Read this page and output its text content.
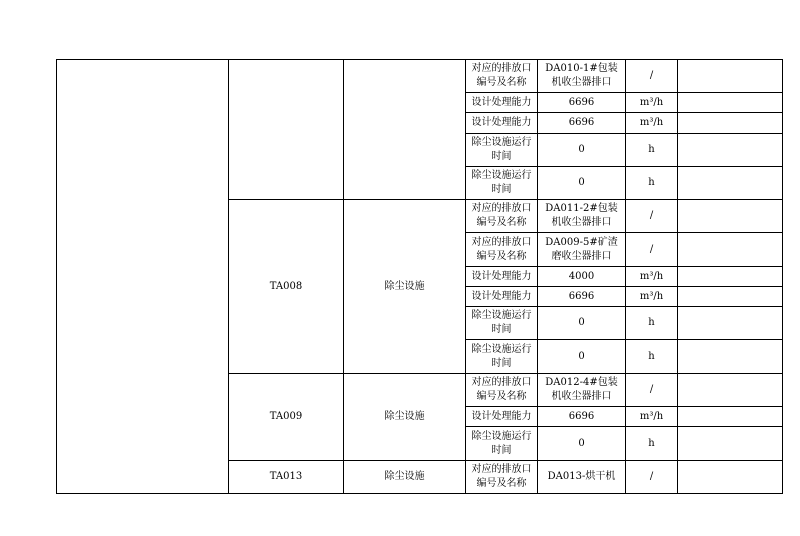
			对应的排放口
编号及名称	DA010-1#包装
机收尘器排口	/	

			设计处理能力	6696	m³/h	

			设计处理能力	6696	m³/h	

			除尘设施运行
时间	0	h	

			除尘设施运行
时间	0	h	
	TA008	除尘设施	对应的排放口
编号及名称	DA011-2#包装
机收尘器排口	/	

			对应的排放口
编号及名称	DA009-5#矿渣
磨收尘器排口	/	

			设计处理能力	4000	m³/h	

			设计处理能力	6696	m³/h	

			除尘设施运行
时间	0	h	

			除尘设施运行
时间	0	h	
	TA009	除尘设施	对应的排放口
编号及名称	DA012-4#包装
机收尘器排口	/	

			设计处理能力	6696	m³/h	

			除尘设施运行
时间	0	h	
	TA013	除尘设施	对应的排放口
编号及名称	DA013-烘干机	/	
